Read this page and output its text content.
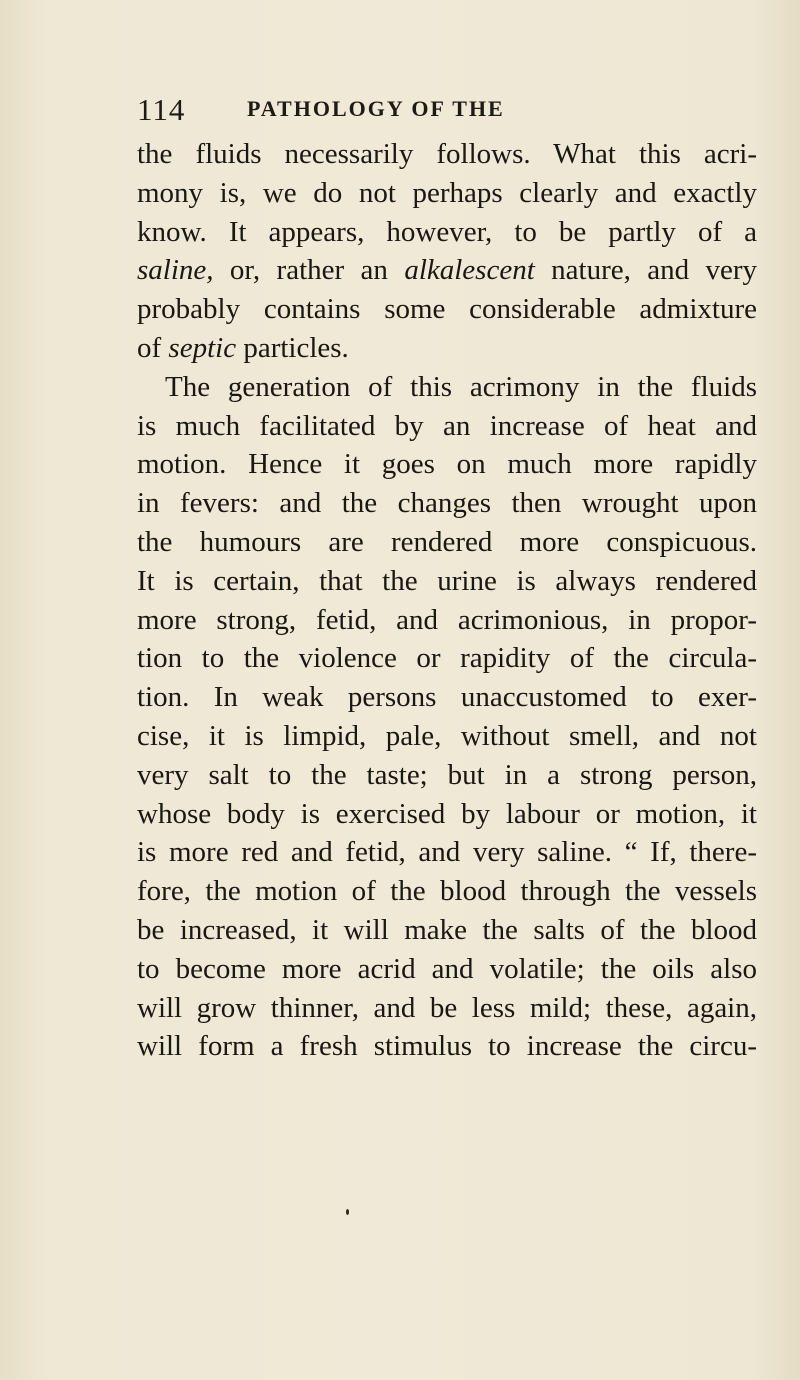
114	PATHOLOGY OF THE
the fluids necessarily follows. What this acri-
mony is, we do not perhaps clearly and exactly
know. It appears, however, to be partly of a
saline, or, rather an alkalescent nature, and very
probably contains some considerable admixture
of septic particles.
The generation of this acrimony in the fluids
is much facilitated by an increase of heat and
motion. Hence it goes on much more rapidly
in fevers: and the changes then wrought upon
the humours are rendered more conspicuous.
It is certain, that the urine is always rendered
more strong, fetid, and acrimonious, in propor-
tion to the violence or rapidity of the circula-
tion. In weak persons unaccustomed to exer-
cise, it is limpid, pale, without smell, and not
very salt to the taste; but in a strong person,
whose body is exercised by labour or motion, it
is more red and fetid, and very saline. “ If, there-
fore, the motion of the blood through the vessels
be increased, it will make the salts of the blood
to become more acrid and volatile; the oils also
will grow thinner, and be less mild; these, again,
will form a fresh stimulus to increase the circu-
